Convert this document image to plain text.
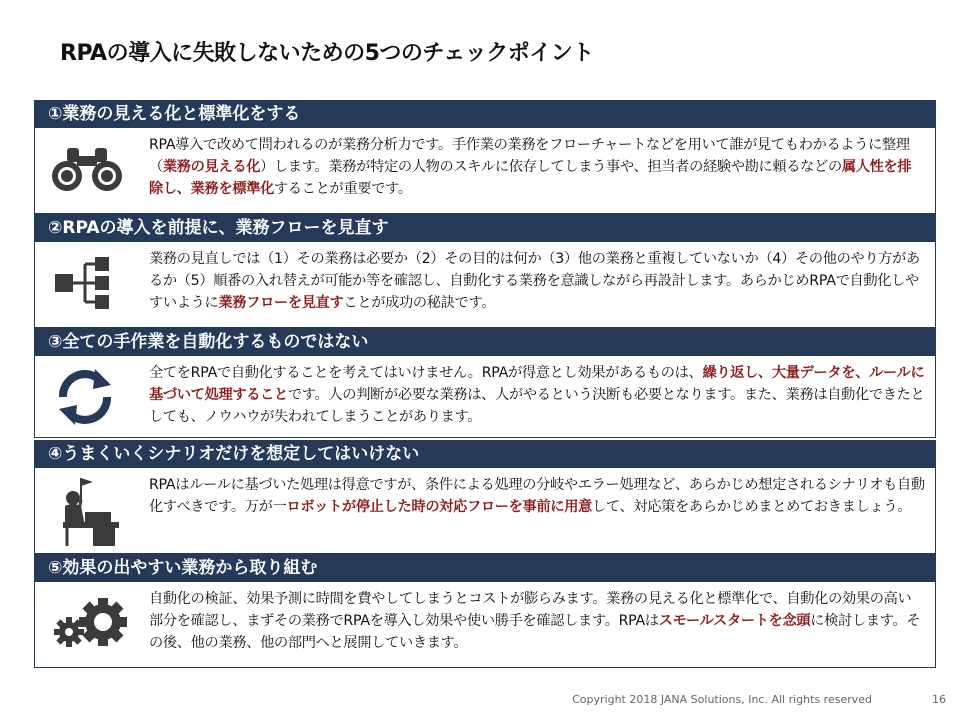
RPAの導入に失敗しないための5つのチェックポイント
①業務の見える化と標準化をする
RPA導入で改めて問われるのが業務分析力です。手作業の業務をフローチャートなどを用いて誰が見てもわかるように整理（業務の見える化）します。業務が特定の人物のスキルに依存してしまう事や、担当者の経験や勘に頼るなどの属人性を排除し、業務を標準化することが重要です。
②RPAの導入を前提に、業務フローを見直す
業務の見直しでは（1）その業務は必要か（2）その目的は何か（3）他の業務と重複していないか（4）その他のやり方があるか（5）順番の入れ替えが可能か等を確認し、自動化する業務を意識しながら再設計します。あらかじめRPAで自動化しやすいように業務フローを見直すことが成功の秘訣です。
③全ての手作業を自動化するものではない
全てをRPAで自動化することを考えてはいけません。RPAが得意とし効果があるものは、繰り返し、大量データを、ルールに基づいて処理することです。人の判断が必要な業務は、人がやるという決断も必要となります。また、業務は自動化できたとしても、ノウハウが失われてしまうことがあります。
④うまくいくシナリオだけを想定してはいけない
RPAはルールに基づいた処理は得意ですが、条件による処理の分岐やエラー処理など、あらかじめ想定されるシナリオも自動化すべきです。万が一ロボットが停止した時の対応フローを事前に用意して、対応策をあらかじめまとめておきましょう。
⑤効果の出やすい業務から取り組む
自動化の検証、効果予測に時間を費やしてしまうとコストが膨らみます。業務の見える化と標準化で、自動化の効果の高い部分を確認し、まずその業務でRPAを導入し効果や使い勝手を確認します。RPAはスモールスタートを念頭に検討します。その後、他の業務、他の部門へと展開していきます。
Copyright 2018 JANA Solutions, Inc. All rights reserved	16
